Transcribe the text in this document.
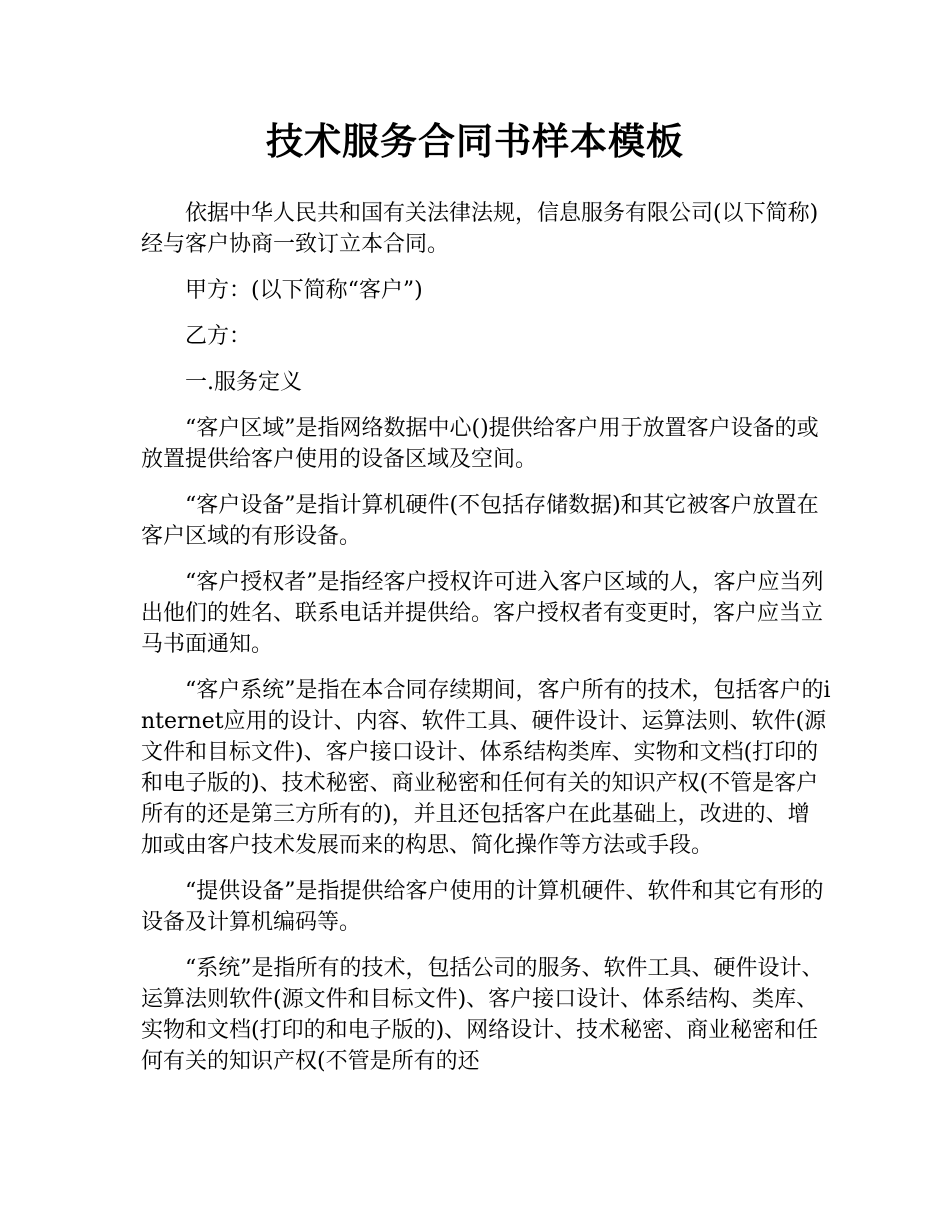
技术服务合同书样本模板

依据中华人民共和国有关法律法规，信息服务有限公司(以下简称)经与客户协商一致订立本合同。

甲方：(以下简称“客户”)

乙方：

一.服务定义

“客户区域”是指网络数据中心()提供给客户用于放置客户设备的或放置提供给客户使用的设备区域及空间。

“客户设备”是指计算机硬件(不包括存储数据)和其它被客户放置在客户区域的有形设备。

“客户授权者”是指经客户授权许可进入客户区域的人，客户应当列出他们的姓名、联系电话并提供给。客户授权者有变更时，客户应当立马书面通知。

“客户系统”是指在本合同存续期间，客户所有的技术，包括客户的internet应用的设计、内容、软件工具、硬件设计、运算法则、软件(源文件和目标文件)、客户接口设计、体系结构类库、实物和文档(打印的和电子版的)、技术秘密、商业秘密和任何有关的知识产权(不管是客户所有的还是第三方所有的)，并且还包括客户在此基础上，改进的、增加或由客户技术发展而来的构思、简化操作等方法或手段。

“提供设备”是指提供给客户使用的计算机硬件、软件和其它有形的设备及计算机编码等。

“系统”是指所有的技术，包括公司的服务、软件工具、硬件设计、运算法则软件(源文件和目标文件)、客户接口设计、体系结构、类库、实物和文档(打印的和电子版的)、网络设计、技术秘密、商业秘密和任何有关的知识产权(不管是所有的还
